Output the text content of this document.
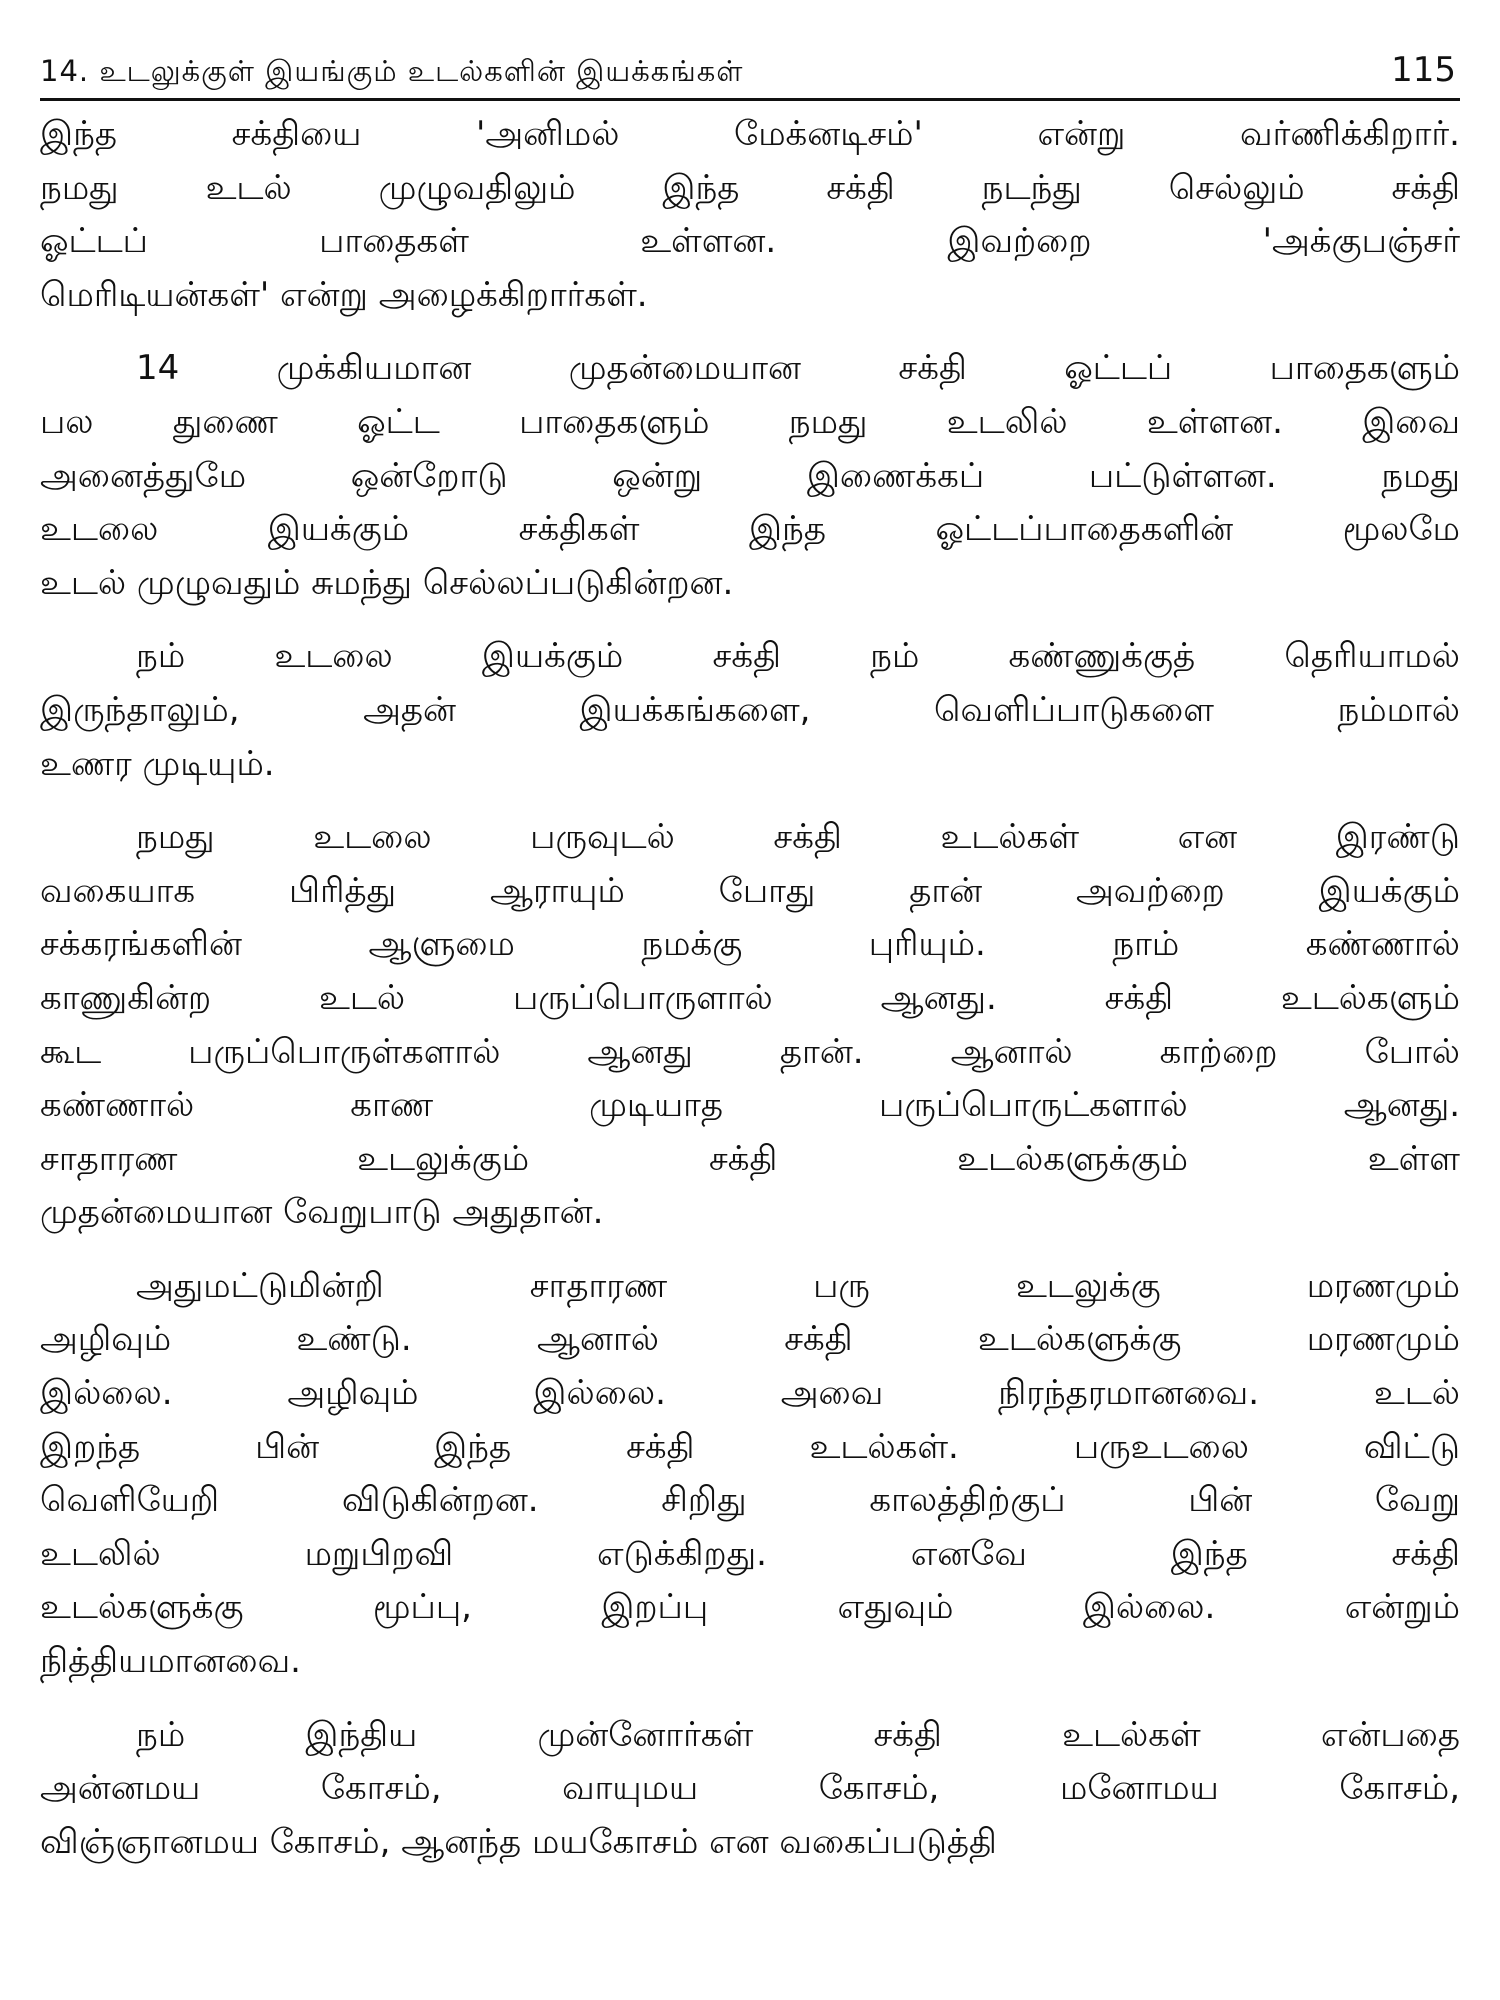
14. உடலுக்குள் இயங்கும் உடல்களின் இயக்கங்கள்	115
இந்த சக்தியை 'அனிமல் மேக்னடிசம்' என்று வர்ணிக்கிறார்.
நமது உடல் முழுவதிலும் இந்த சக்தி நடந்து செல்லும் சக்தி
ஓட்டப் பாதைகள் உள்ளன. இவற்றை 'அக்குபஞ்சர்
மெரிடியன்கள்' என்று அழைக்கிறார்கள்.
14 முக்கியமான முதன்மையான சக்தி ஓட்டப் பாதைகளும்
பல துணை ஓட்ட பாதைகளும் நமது உடலில் உள்ளன. இவை
அனைத்துமே ஒன்றோடு ஒன்று இணைக்கப் பட்டுள்ளன. நமது
உடலை இயக்கும் சக்திகள் இந்த ஓட்டப்பாதைகளின் மூலமே
உடல் முழுவதும் சுமந்து செல்லப்படுகின்றன.
நம் உடலை இயக்கும் சக்தி நம் கண்ணுக்குத் தெரியாமல்
இருந்தாலும், அதன் இயக்கங்களை, வெளிப்பாடுகளை நம்மால்
உணர முடியும்.
நமது உடலை பருவுடல் சக்தி உடல்கள் என இரண்டு
வகையாக பிரித்து ஆராயும் போது தான் அவற்றை இயக்கும்
சக்கரங்களின் ஆளுமை நமக்கு புரியும். நாம் கண்ணால்
காணுகின்ற உடல் பருப்பொருளால் ஆனது. சக்தி உடல்களும்
கூட பருப்பொருள்களால் ஆனது தான். ஆனால் காற்றை போல்
கண்ணால் காண முடியாத பருப்பொருட்களால் ஆனது.
சாதாரண உடலுக்கும் சக்தி உடல்களுக்கும் உள்ள
முதன்மையான வேறுபாடு அதுதான்.
அதுமட்டுமின்றி சாதாரண பரு உடலுக்கு மரணமும்
அழிவும் உண்டு. ஆனால் சக்தி உடல்களுக்கு மரணமும்
இல்லை. அழிவும் இல்லை. அவை நிரந்தரமானவை. உடல்
இறந்த பின் இந்த சக்தி உடல்கள். பருஉடலை விட்டு
வெளியேறி விடுகின்றன. சிறிது காலத்திற்குப் பின் வேறு
உடலில் மறுபிறவி எடுக்கிறது. எனவே இந்த சக்தி
உடல்களுக்கு மூப்பு, இறப்பு எதுவும் இல்லை. என்றும்
நித்தியமானவை.
நம் இந்திய முன்னோர்கள் சக்தி உடல்கள் என்பதை
அன்னமய கோசம், வாயுமய கோசம், மனோமய கோசம்,
விஞ்ஞானமய கோசம், ஆனந்த மயகோசம் என வகைப்படுத்தி
